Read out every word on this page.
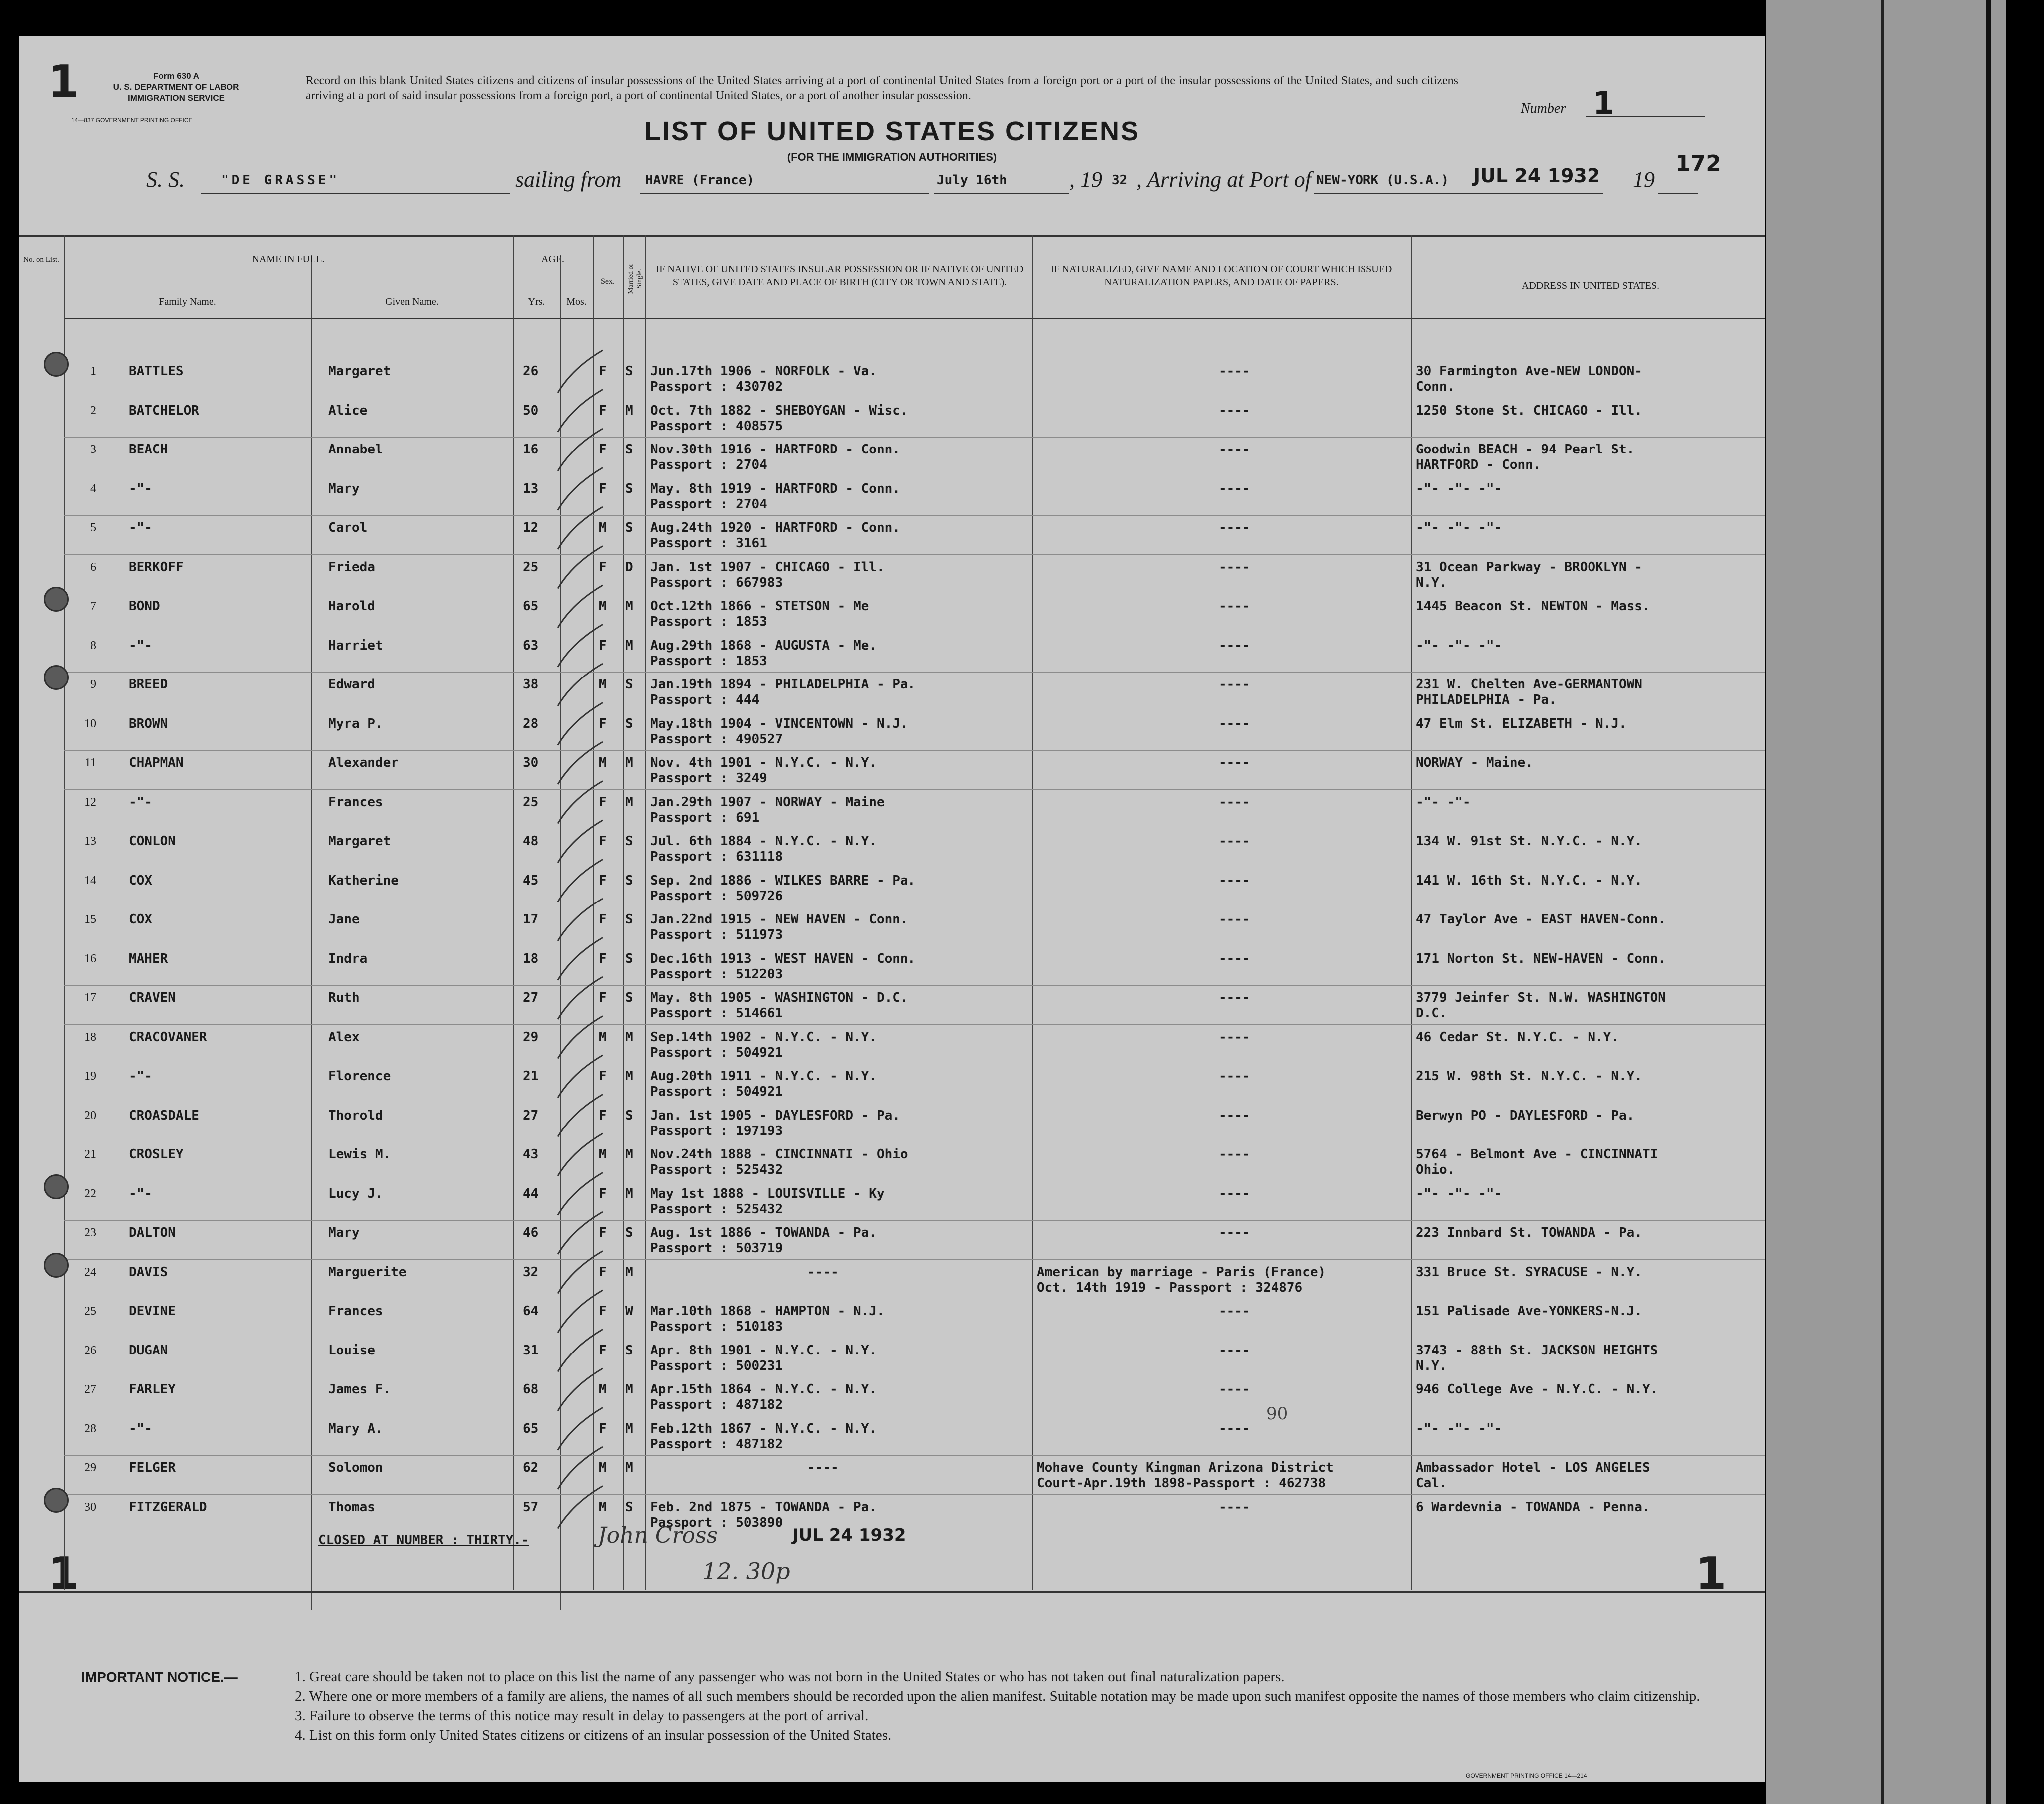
1
1	1
Form 630 A
U. S. DEPARTMENT OF LABOR
IMMIGRATION SERVICE
14—837 GOVERNMENT PRINTING OFFICE
Record on this blank United States citizens and citizens of insular possessions of the United States arriving at a port of continental United States from a foreign port or a port of the insular possessions of the United States, and such citizens arriving at a port of said insular possessions from a foreign port, a port of continental United States, or a port of another insular possession.
LIST OF UNITED STATES CITIZENS
(FOR THE IMMIGRATION AUTHORITIES)
Number 1
172
S. S.	"DE GRASSE"	sailing from HAVRE (France)	July 16th	, 19 32 , Arriving at Port of NEW-YORK (U.S.A.) JUL 24 1932 19
No. on List.	NAME IN FULL.
Family Name.	Given Name.
AGE.
Yrs.	Mos.
Sex.	Married or Single. IF NATIVE OF UNITED STATES INSULAR POSSESSION OR IF NATIVE OF UNITED STATES, GIVE DATE AND PLACE OF BIRTH (CITY OR TOWN AND STATE).
IF NATURALIZED, GIVE NAME AND LOCATION OF COURT WHICH ISSUED NATURALIZATION PAPERS, AND DATE OF PAPERS.	ADDRESS IN UNITED STATES.
1	BATTLES	Margaret	26	F S Jun.17th 1906 - NORFOLK - Va.	----	30 Farmington Ave-NEW LONDON-
Passport : 430702	Conn.
2	BATCHELOR	Alice	50	F M Oct. 7th 1882 - SHEBOYGAN - Wisc.	----	1250 Stone St. CHICAGO - Ill.
Passport : 408575
3	BEACH	Annabel	16	F S Nov.30th 1916 - HARTFORD - Conn.	----	Goodwin BEACH - 94 Pearl St.
Passport : 2704	HARTFORD - Conn.
4	-"-	Mary	13	F S May. 8th 1919 - HARTFORD - Conn.	----	-"- -"- -"-
Passport : 2704
5	-"-	Carol	12	M S Aug.24th 1920 - HARTFORD - Conn.	----	-"- -"- -"-
Passport : 3161
6	BERKOFF	Frieda	25	F D Jan. 1st 1907 - CHICAGO - Ill.	----	31 Ocean Parkway - BROOKLYN -
Passport : 667983	N.Y.
7	BOND	Harold	65	M M Oct.12th 1866 - STETSON - Me	----	1445 Beacon St. NEWTON - Mass.
Passport : 1853
8	-"-	Harriet	63	F M Aug.29th 1868 - AUGUSTA - Me.	----	-"- -"- -"-
Passport : 1853
9	BREED	Edward	38	M S Jan.19th 1894 - PHILADELPHIA - Pa.	----	231 W. Chelten Ave-GERMANTOWN
Passport : 444	PHILADELPHIA - Pa.
10	BROWN	Myra P.	28	F S May.18th 1904 - VINCENTOWN - N.J.	----	47 Elm St. ELIZABETH - N.J.
Passport : 490527
11	CHAPMAN	Alexander	30	M M Nov. 4th 1901 - N.Y.C. - N.Y.	----	NORWAY - Maine.
Passport : 3249
12	-"-	Frances	25	F M Jan.29th 1907 - NORWAY - Maine	----	-"- -"-
Passport : 691
13	CONLON	Margaret	48	F S Jul. 6th 1884 - N.Y.C. - N.Y.	----	134 W. 91st St. N.Y.C. - N.Y.
Passport : 631118
14	COX	Katherine	45	F S Sep. 2nd 1886 - WILKES BARRE - Pa.	----	141 W. 16th St. N.Y.C. - N.Y.
Passport : 509726
15	COX	Jane	17	F S Jan.22nd 1915 - NEW HAVEN - Conn.	----	47 Taylor Ave - EAST HAVEN-Conn.
Passport : 511973
16	MAHER	Indra	18	F S Dec.16th 1913 - WEST HAVEN - Conn.	----	171 Norton St. NEW-HAVEN - Conn.
Passport : 512203
17	CRAVEN	Ruth	27	F S May. 8th 1905 - WASHINGTON - D.C.	----	3779 Jeinfer St. N.W. WASHINGTON
Passport : 514661	D.C.
18	CRACOVANER	Alex	29	M M Sep.14th 1902 - N.Y.C. - N.Y.	----	46 Cedar St. N.Y.C. - N.Y.
Passport : 504921
19	-"-	Florence	21	F M Aug.20th 1911 - N.Y.C. - N.Y.	----	215 W. 98th St. N.Y.C. - N.Y.
Passport : 504921
20	CROASDALE	Thorold	27	F S Jan. 1st 1905 - DAYLESFORD - Pa.	----	Berwyn PO - DAYLESFORD - Pa.
Passport : 197193
21	CROSLEY	Lewis M.	43	M M Nov.24th 1888 - CINCINNATI - Ohio	----	5764 - Belmont Ave - CINCINNATI
Passport : 525432	Ohio.
22	-"-	Lucy J.	44	F M May 1st 1888 - LOUISVILLE - Ky	----	-"- -"- -"-
Passport : 525432
23	DALTON	Mary	46	F S Aug. 1st 1886 - TOWANDA - Pa.	----	223 Innbard St. TOWANDA - Pa.
Passport : 503719
24	DAVIS	Marguerite	32	F M	----	American by marriage - Paris (France)	331 Bruce St. SYRACUSE - N.Y.
Oct. 14th 1919 - Passport : 324876
25	DEVINE	Frances	64	F W Mar.10th 1868 - HAMPTON - N.J.	----	151 Palisade Ave-YONKERS-N.J.
Passport : 510183
26	DUGAN	Louise	31	F S Apr. 8th 1901 - N.Y.C. - N.Y.	----	3743 - 88th St. JACKSON HEIGHTS
Passport : 500231	N.Y.
27	FARLEY	James F.	68	M M Apr.15th 1864 - N.Y.C. - N.Y.	----	946 College Ave - N.Y.C. - N.Y.
Passport : 487182
28	-"-	Mary A.	65	F M Feb.12th 1867 - N.Y.C. - N.Y.	----	-"- -"- -"-
Passport : 487182
29	FELGER	Solomon	62	M M	----	Mohave County Kingman Arizona District	Ambassador Hotel - LOS ANGELES
Court-Apr.19th 1898-Passport : 462738	Cal.
30	FITZGERALD	Thomas	57	M S Feb. 2nd 1875 - TOWANDA - Pa.	----	6 Wardevnia - TOWANDA - Penna.
Passport : 503890
90
CLOSED AT NUMBER : THIRTY.-	John Cross	JUL 24 1932
12. 30p
IMPORTANT NOTICE.—	1. Great care should be taken not to place on this list the name of any passenger who was not born in the United States or who has not taken out final naturalization papers.
2. Where one or more members of a family are aliens, the names of all such members should be recorded upon the alien manifest. Suitable notation may be made upon such manifest opposite the names of those members who claim citizenship.
3. Failure to observe the terms of this notice may result in delay to passengers at the port of arrival.
4. List on this form only United States citizens or citizens of an insular possession of the United States.
GOVERNMENT PRINTING OFFICE 14—214
